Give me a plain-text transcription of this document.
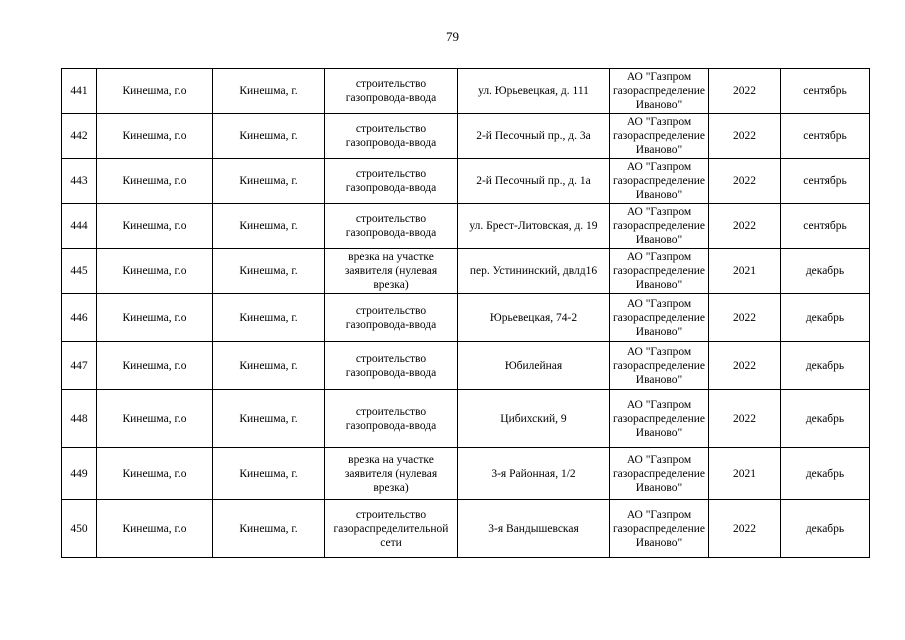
79
441	Кинешма, г.о	Кинешма, г.	строительство газопровода-ввода	ул. Юрьевецкая, д. 111	АО "Газпром газораспределение Иваново"	2022	сентябрь
442	Кинешма, г.о	Кинешма, г.	строительство газопровода-ввода	2-й Песочный пр., д. 3а	АО "Газпром газораспределение Иваново"	2022	сентябрь
443	Кинешма, г.о	Кинешма, г.	строительство газопровода-ввода	2-й Песочный пр., д. 1а	АО "Газпром газораспределение Иваново"	2022	сентябрь
444	Кинешма, г.о	Кинешма, г.	строительство газопровода-ввода	ул. Брест-Литовская, д. 19	АО "Газпром газораспределение Иваново"	2022	сентябрь
445	Кинешма, г.о	Кинешма, г.	врезка на участке заявителя (нулевая врезка)	пер. Устининский, двлд16	АО "Газпром газораспределение Иваново"	2021	декабрь
446	Кинешма, г.о	Кинешма, г.	строительство газопровода-ввода	Юрьевецкая, 74-2	АО "Газпром газораспределение Иваново"	2022	декабрь
447	Кинешма, г.о	Кинешма, г.	строительство газопровода-ввода	Юбилейная	АО "Газпром газораспределение Иваново"	2022	декабрь
448	Кинешма, г.о	Кинешма, г.	строительство газопровода-ввода	Цибихский, 9	АО "Газпром газораспределение Иваново"	2022	декабрь
449	Кинешма, г.о	Кинешма, г.	врезка на участке заявителя (нулевая врезка)	3-я Районная, 1/2	АО "Газпром газораспределение Иваново"	2021	декабрь
450	Кинешма, г.о	Кинешма, г.	строительство газораспределительной сети	3-я Вандышевская	АО "Газпром газораспределение Иваново"	2022	декабрь
